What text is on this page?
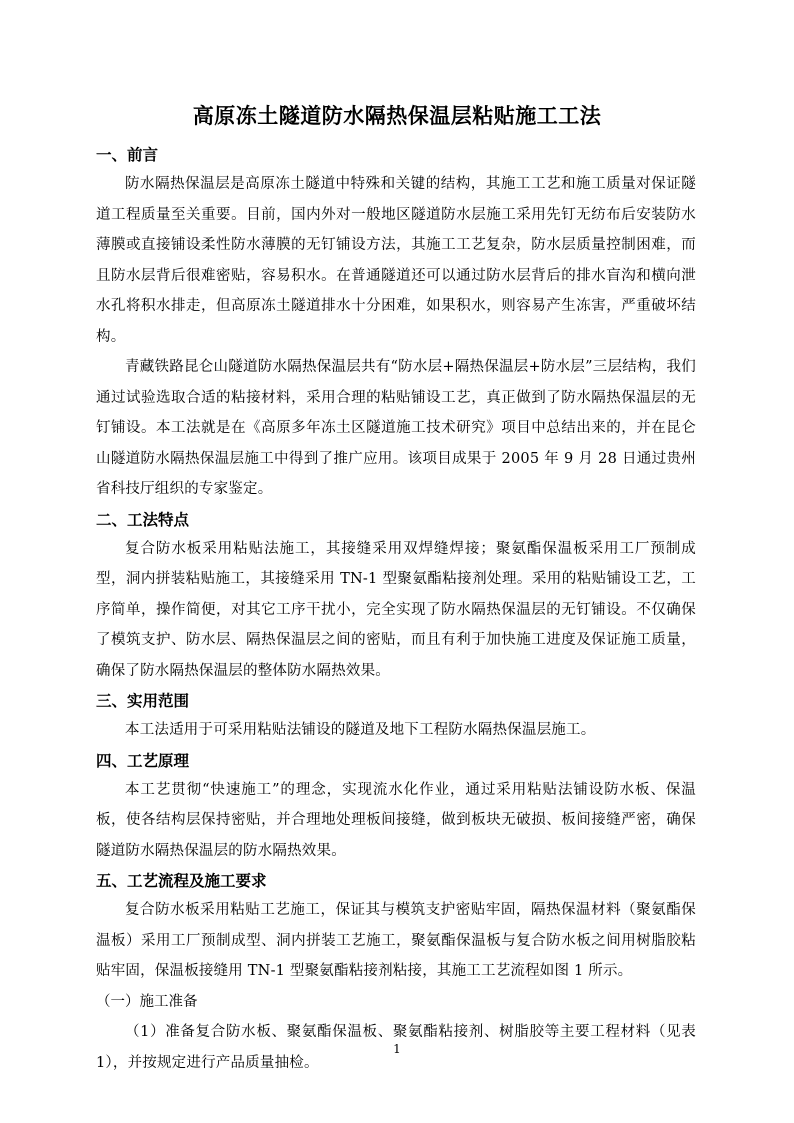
高原冻土隧道防水隔热保温层粘贴施工工法

一、前言

防水隔热保温层是高原冻土隧道中特殊和关键的结构，其施工工艺和施工质量对保证隧道工程质量至关重要。目前，国内外对一般地区隧道防水层施工采用先钉无纺布后安装防水薄膜或直接铺设柔性防水薄膜的无钉铺设方法，其施工工艺复杂，防水层质量控制困难，而且防水层背后很难密贴，容易积水。在普通隧道还可以通过防水层背后的排水盲沟和横向泄水孔将积水排走，但高原冻土隧道排水十分困难，如果积水，则容易产生冻害，严重破坏结构。

青藏铁路昆仑山隧道防水隔热保温层共有“防水层+隔热保温层+防水层”三层结构，我们通过试验选取合适的粘接材料，采用合理的粘贴铺设工艺，真正做到了防水隔热保温层的无钉铺设。本工法就是在《高原多年冻土区隧道施工技术研究》项目中总结出来的，并在昆仑山隧道防水隔热保温层施工中得到了推广应用。该项目成果于 2005 年 9 月 28 日通过贵州省科技厅组织的专家鉴定。

二、工法特点

复合防水板采用粘贴法施工，其接缝采用双焊缝焊接；聚氨酯保温板采用工厂预制成型，洞内拼装粘贴施工，其接缝采用 TN-1 型聚氨酯粘接剂处理。采用的粘贴铺设工艺，工序简单，操作简便，对其它工序干扰小，完全实现了防水隔热保温层的无钉铺设。不仅确保了模筑支护、防水层、隔热保温层之间的密贴，而且有利于加快施工进度及保证施工质量，确保了防水隔热保温层的整体防水隔热效果。

三、实用范围

本工法适用于可采用粘贴法铺设的隧道及地下工程防水隔热保温层施工。

四、工艺原理

本工艺贯彻“快速施工”的理念，实现流水化作业，通过采用粘贴法铺设防水板、保温板，使各结构层保持密贴，并合理地处理板间接缝，做到板块无破损、板间接缝严密，确保隧道防水隔热保温层的防水隔热效果。

五、工艺流程及施工要求

复合防水板采用粘贴工艺施工，保证其与模筑支护密贴牢固，隔热保温材料（聚氨酯保温板）采用工厂预制成型、洞内拼装工艺施工，聚氨酯保温板与复合防水板之间用树脂胶粘贴牢固，保温板接缝用 TN-1 型聚氨酯粘接剂粘接，其施工工艺流程如图 1 所示。

（一）施工准备

（1）准备复合防水板、聚氨酯保温板、聚氨酯粘接剂、树脂胶等主要工程材料（见表 1），并按规定进行产品质量抽检。

1
